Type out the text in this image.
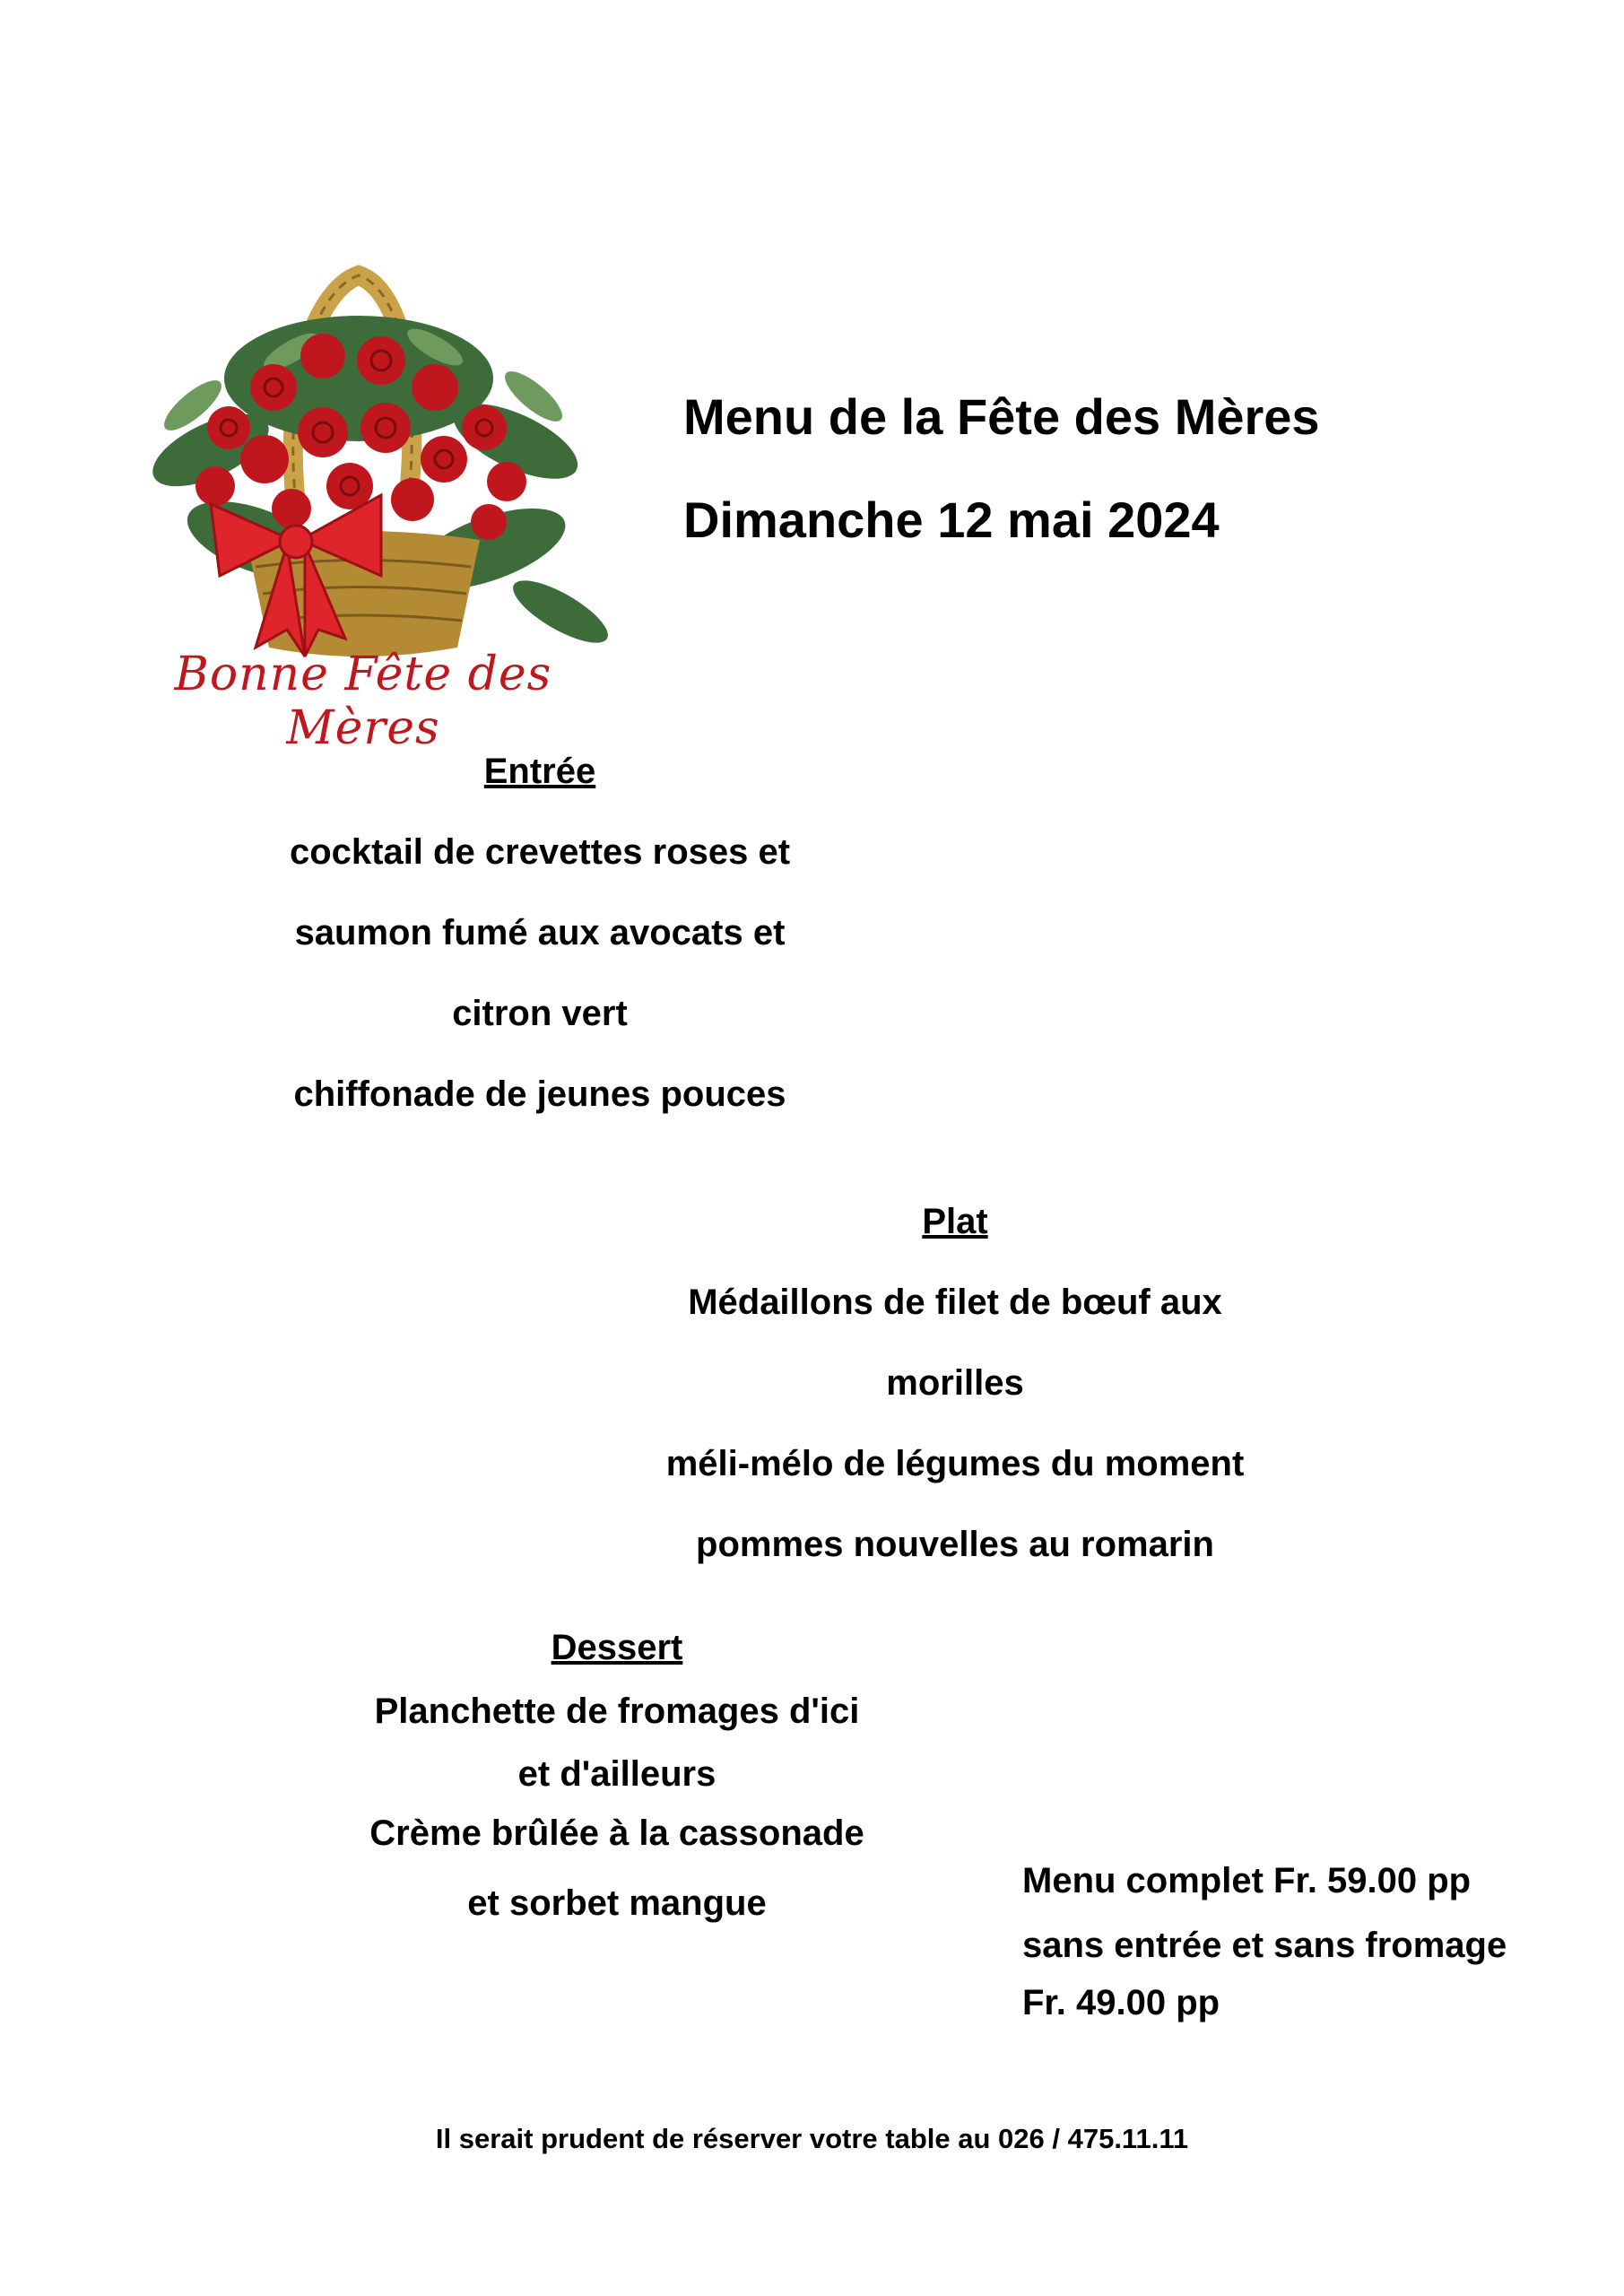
Bonne Fête des Mères
Menu de la Fête des Mères
Dimanche 12 mai 2024
Entrée
cocktail de crevettes roses et
saumon fumé aux avocats et
citron vert
chiffonade de jeunes pouces
Plat
Médaillons de filet de bœuf aux
morilles
méli-mélo de légumes du moment
pommes nouvelles au romarin
Dessert
Planchette de fromages d'ici
et d'ailleurs
Crème brûlée à la cassonade
et sorbet mangue
Menu complet Fr. 59.00 pp
sans entrée et sans fromage
Fr. 49.00 pp
Il serait prudent de réserver votre table au 026 / 475.11.11
